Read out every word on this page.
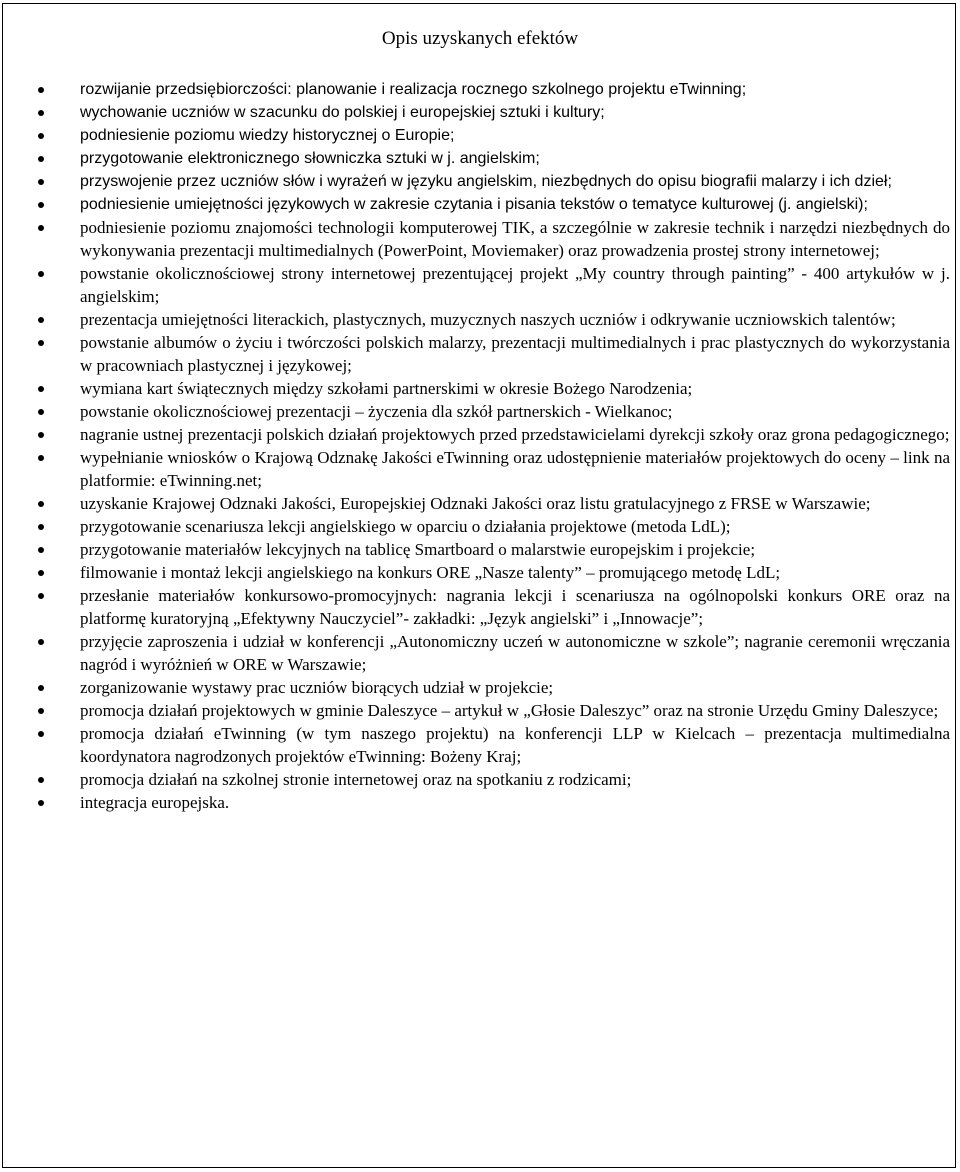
Opis uzyskanych efektów
rozwijanie przedsiębiorczości: planowanie i realizacja rocznego szkolnego projektu eTwinning;
wychowanie uczniów w szacunku do polskiej i europejskiej sztuki i kultury;
podniesienie poziomu wiedzy historycznej o Europie;
przygotowanie elektronicznego słowniczka sztuki w j. angielskim;
przyswojenie przez uczniów słów i wyrażeń w języku angielskim, niezbędnych do opisu biografii malarzy i ich dzieł;
podniesienie umiejętności językowych w zakresie czytania i pisania tekstów o tematyce kulturowej (j. angielski);
podniesienie poziomu znajomości technologii komputerowej TIK, a szczególnie w zakresie technik i narzędzi niezbędnych do wykonywania prezentacji multimedialnych (PowerPoint, Moviemaker) oraz prowadzenia prostej strony internetowej;
powstanie okolicznościowej strony internetowej prezentującej projekt „My country through painting” - 400 artykułów w j. angielskim;
prezentacja umiejętności literackich, plastycznych, muzycznych naszych uczniów i odkrywanie uczniowskich talentów;
powstanie albumów o życiu i twórczości polskich malarzy, prezentacji multimedialnych i prac plastycznych do wykorzystania w pracowniach plastycznej i językowej;
wymiana kart świątecznych między szkołami partnerskimi w okresie Bożego Narodzenia;
powstanie okolicznościowej prezentacji – życzenia dla szkół partnerskich - Wielkanoc;
nagranie ustnej prezentacji polskich działań projektowych przed przedstawicielami dyrekcji szkoły oraz grona pedagogicznego;
wypełnianie wniosków o Krajową Odznakę Jakości eTwinning oraz udostępnienie materiałów projektowych do oceny – link na platformie: eTwinning.net;
uzyskanie Krajowej Odznaki Jakości, Europejskiej Odznaki Jakości oraz listu gratulacyjnego z FRSE w Warszawie;
przygotowanie scenariusza lekcji angielskiego w oparciu o działania projektowe (metoda LdL);
przygotowanie materiałów lekcyjnych na tablicę Smartboard o malarstwie europejskim i projekcie;
filmowanie i montaż lekcji angielskiego na konkurs ORE „Nasze talenty” – promującego metodę LdL;
przesłanie materiałów konkursowo-promocyjnych: nagrania lekcji i scenariusza na ogólnopolski konkurs ORE oraz na platformę kuratoryjną „Efektywny Nauczyciel”- zakładki: „Język angielski” i „Innowacje”;
przyjęcie zaproszenia i udział w konferencji „Autonomiczny uczeń w autonomiczne w szkole”; nagranie ceremonii wręczania nagród i wyróżnień w ORE w Warszawie;
zorganizowanie wystawy prac uczniów biorących udział w projekcie;
promocja działań projektowych w gminie Daleszyce – artykuł w „Głosie Daleszyc” oraz na stronie Urzędu Gminy Daleszyce;
promocja działań eTwinning (w tym naszego projektu) na konferencji LLP w Kielcach – prezentacja multimedialna koordynatora nagrodzonych projektów eTwinning: Bożeny Kraj;
promocja działań na szkolnej stronie internetowej oraz na spotkaniu z rodzicami;
integracja europejska.
